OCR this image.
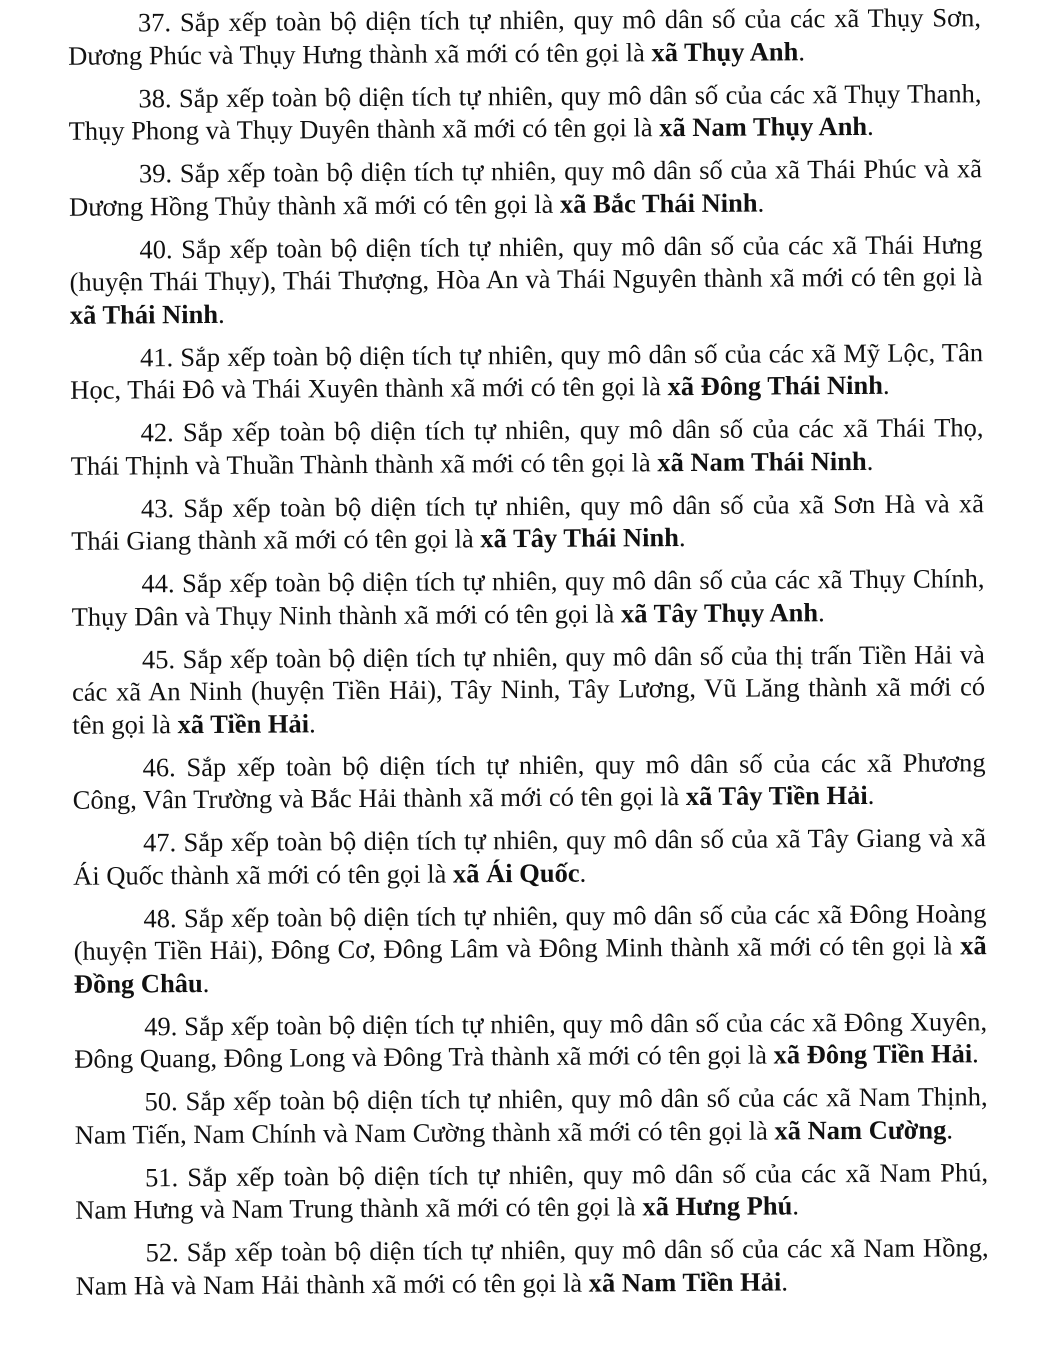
37. Sắp xếp toàn bộ diện tích tự nhiên, quy mô dân số của các xã Thụy Sơn, Dương Phúc và Thụy Hưng thành xã mới có tên gọi là xã Thụy Anh.

38. Sắp xếp toàn bộ diện tích tự nhiên, quy mô dân số của các xã Thụy Thanh, Thụy Phong và Thụy Duyên thành xã mới có tên gọi là xã Nam Thụy Anh.

39. Sắp xếp toàn bộ diện tích tự nhiên, quy mô dân số của xã Thái Phúc và xã Dương Hồng Thủy thành xã mới có tên gọi là xã Bắc Thái Ninh.

40. Sắp xếp toàn bộ diện tích tự nhiên, quy mô dân số của các xã Thái Hưng (huyện Thái Thụy), Thái Thượng, Hòa An và Thái Nguyên thành xã mới có tên gọi là xã Thái Ninh.

41. Sắp xếp toàn bộ diện tích tự nhiên, quy mô dân số của các xã Mỹ Lộc, Tân Học, Thái Đô và Thái Xuyên thành xã mới có tên gọi là xã Đông Thái Ninh.

42. Sắp xếp toàn bộ diện tích tự nhiên, quy mô dân số của các xã Thái Thọ, Thái Thịnh và Thuần Thành thành xã mới có tên gọi là xã Nam Thái Ninh.

43. Sắp xếp toàn bộ diện tích tự nhiên, quy mô dân số của xã Sơn Hà và xã Thái Giang thành xã mới có tên gọi là xã Tây Thái Ninh.

44. Sắp xếp toàn bộ diện tích tự nhiên, quy mô dân số của các xã Thụy Chính, Thụy Dân và Thụy Ninh thành xã mới có tên gọi là xã Tây Thụy Anh.

45. Sắp xếp toàn bộ diện tích tự nhiên, quy mô dân số của thị trấn Tiền Hải và các xã An Ninh (huyện Tiền Hải), Tây Ninh, Tây Lương, Vũ Lăng thành xã mới có tên gọi là xã Tiền Hải.

46. Sắp xếp toàn bộ diện tích tự nhiên, quy mô dân số của các xã Phương Công, Vân Trường và Bắc Hải thành xã mới có tên gọi là xã Tây Tiền Hải.

47. Sắp xếp toàn bộ diện tích tự nhiên, quy mô dân số của xã Tây Giang và xã Ái Quốc thành xã mới có tên gọi là xã Ái Quốc.

48. Sắp xếp toàn bộ diện tích tự nhiên, quy mô dân số của các xã Đông Hoàng (huyện Tiền Hải), Đông Cơ, Đông Lâm và Đông Minh thành xã mới có tên gọi là xã Đồng Châu.

49. Sắp xếp toàn bộ diện tích tự nhiên, quy mô dân số của các xã Đông Xuyên, Đông Quang, Đông Long và Đông Trà thành xã mới có tên gọi là xã Đông Tiền Hải.

50. Sắp xếp toàn bộ diện tích tự nhiên, quy mô dân số của các xã Nam Thịnh, Nam Tiến, Nam Chính và Nam Cường thành xã mới có tên gọi là xã Nam Cường.

51. Sắp xếp toàn bộ diện tích tự nhiên, quy mô dân số của các xã Nam Phú, Nam Hưng và Nam Trung thành xã mới có tên gọi là xã Hưng Phú.

52. Sắp xếp toàn bộ diện tích tự nhiên, quy mô dân số của các xã Nam Hồng, Nam Hà và Nam Hải thành xã mới có tên gọi là xã Nam Tiền Hải.
